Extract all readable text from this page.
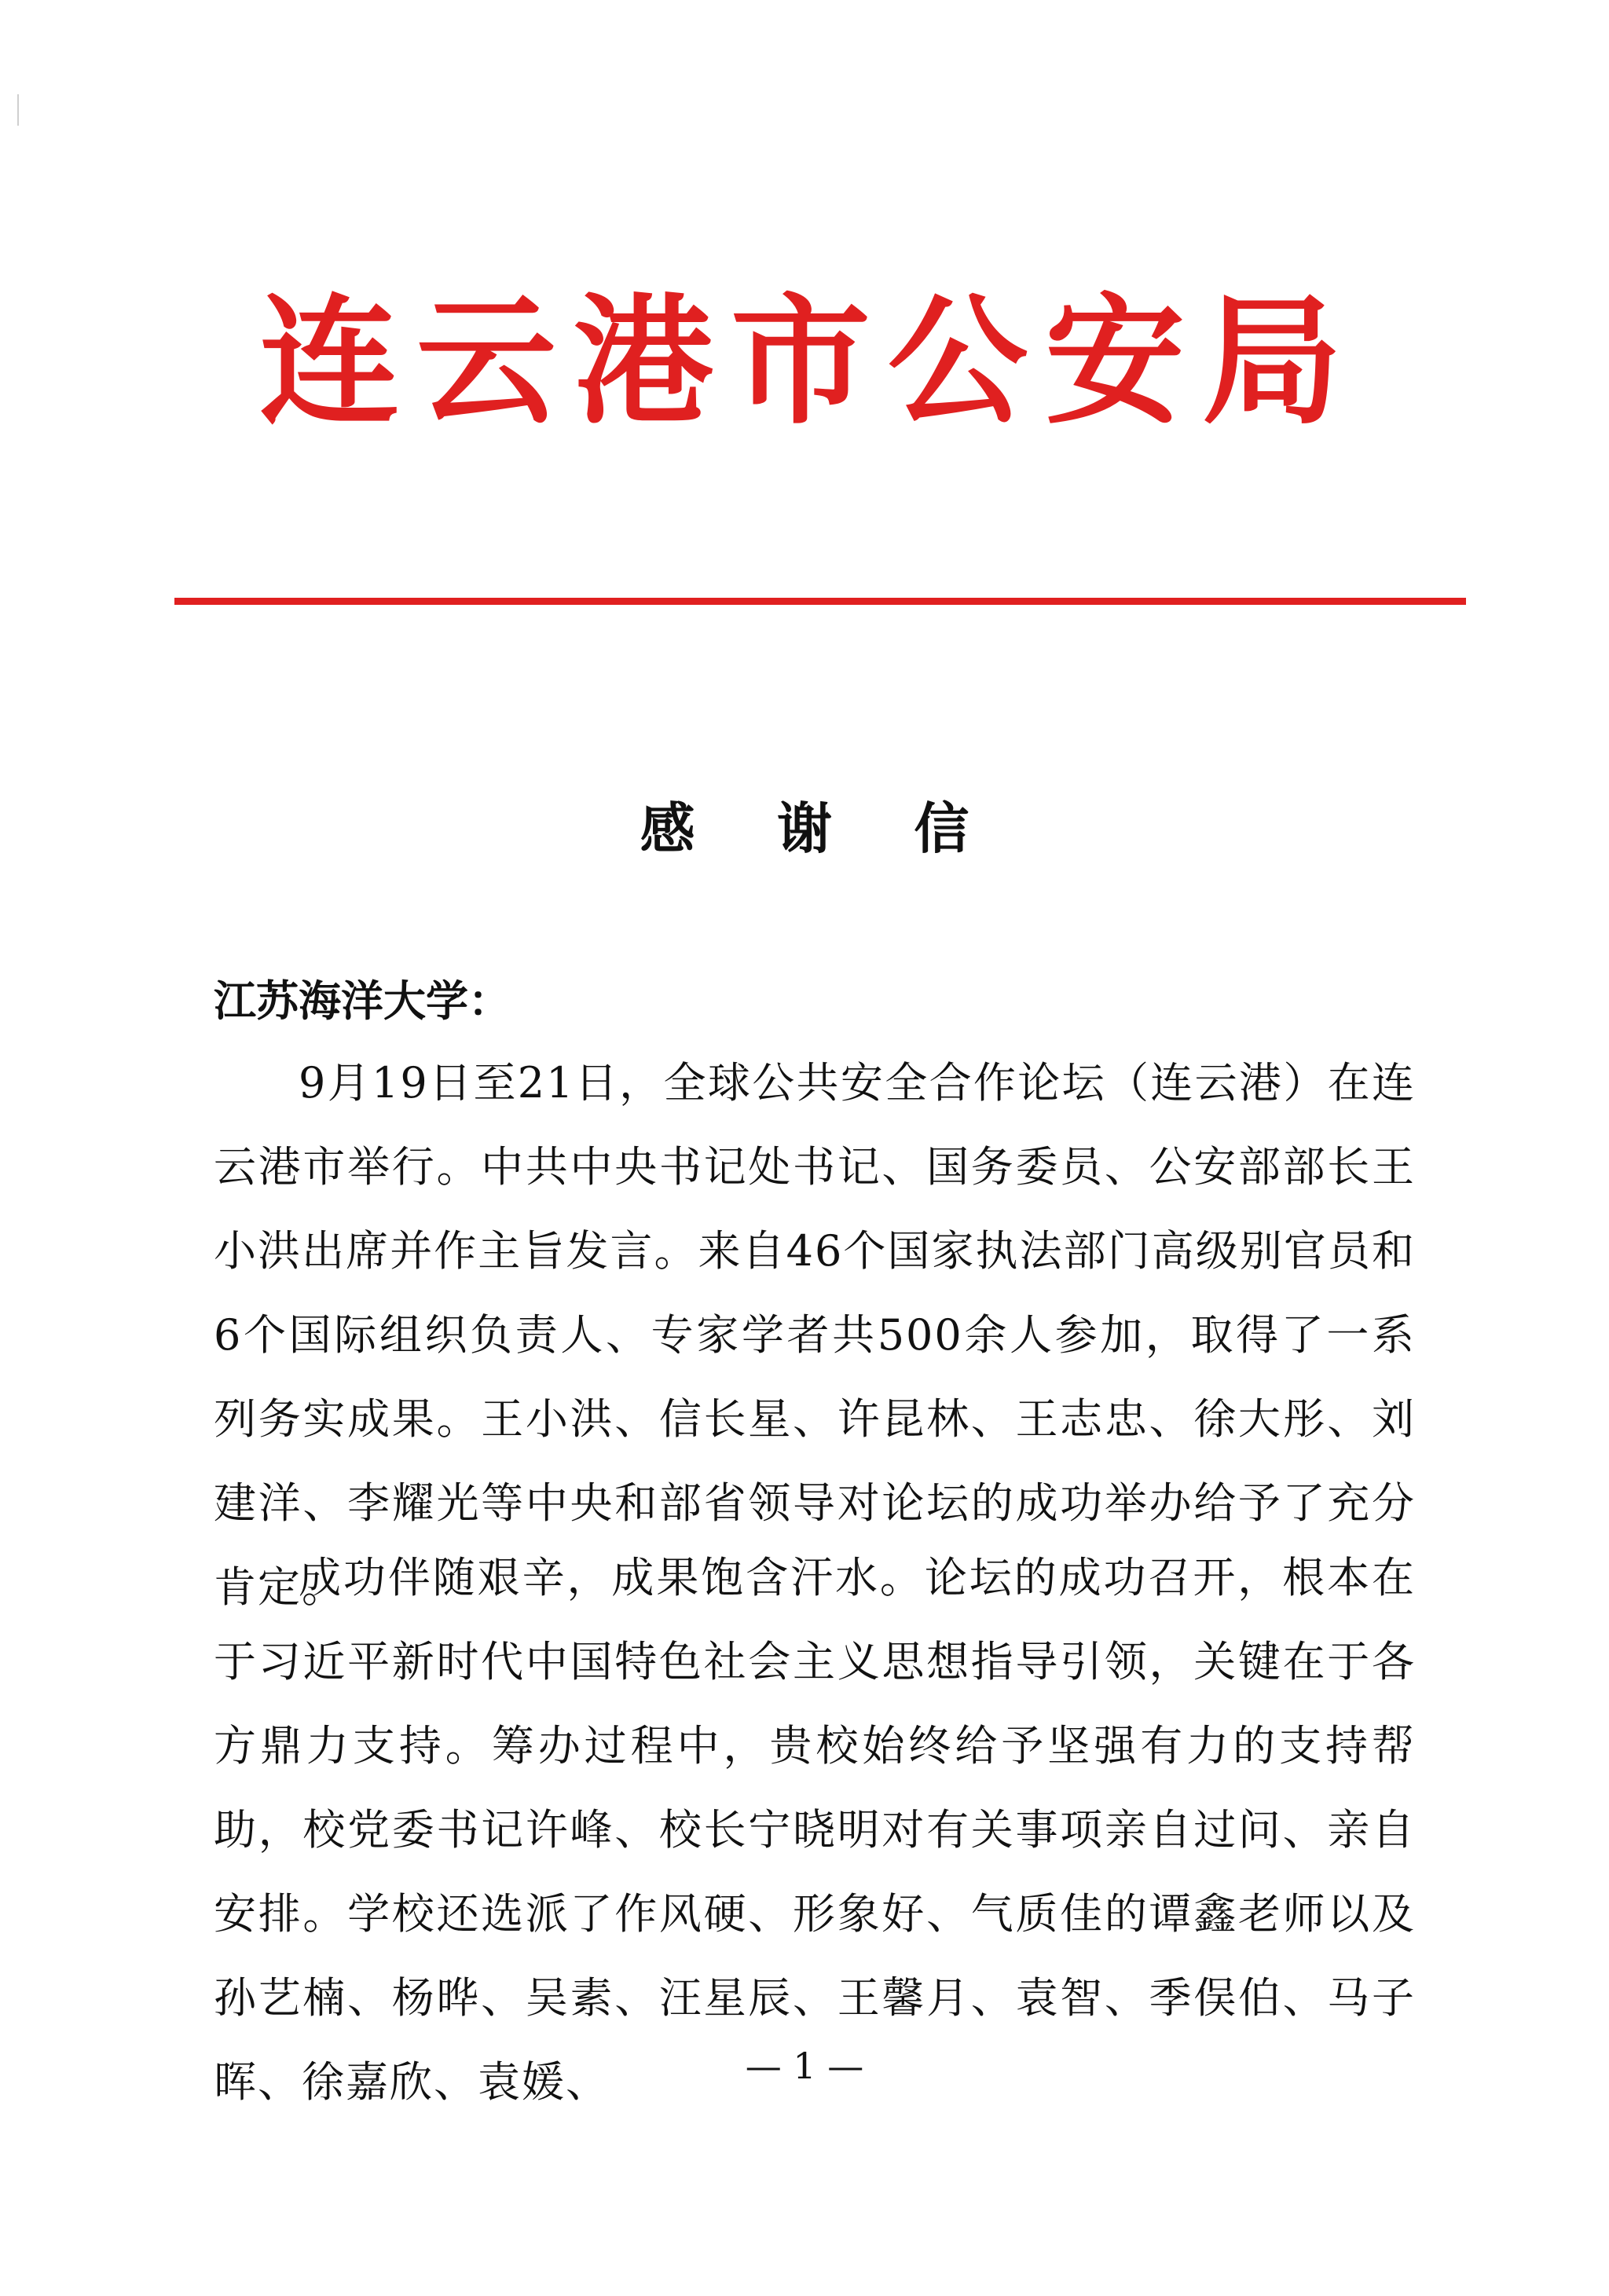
连云港市公安局
感 谢 信
江苏海洋大学：

9月19日至21日，全球公共安全合作论坛（连云港）在连云港市举行。中共中央书记处书记、国务委员、公安部部长王小洪出席并作主旨发言。来自46个国家执法部门高级别官员和6个国际组织负责人、专家学者共500余人参加，取得了一系列务实成果。王小洪、信长星、许昆林、王志忠、徐大彤、刘建洋、李耀光等中央和部省领导对论坛的成功举办给予了充分肯定。

成功伴随艰辛，成果饱含汗水。论坛的成功召开，根本在于习近平新时代中国特色社会主义思想指导引领，关键在于各方鼎力支持。筹办过程中，贵校始终给予坚强有力的支持帮助，校党委书记许峰、校长宁晓明对有关事项亲自过问、亲自安排。学校还选派了作风硬、形象好、气质佳的谭鑫老师以及孙艺楠、杨晔、吴素、汪星辰、王馨月、袁智、季俣伯、马子晖、徐嘉欣、袁媛、	— 1 —
